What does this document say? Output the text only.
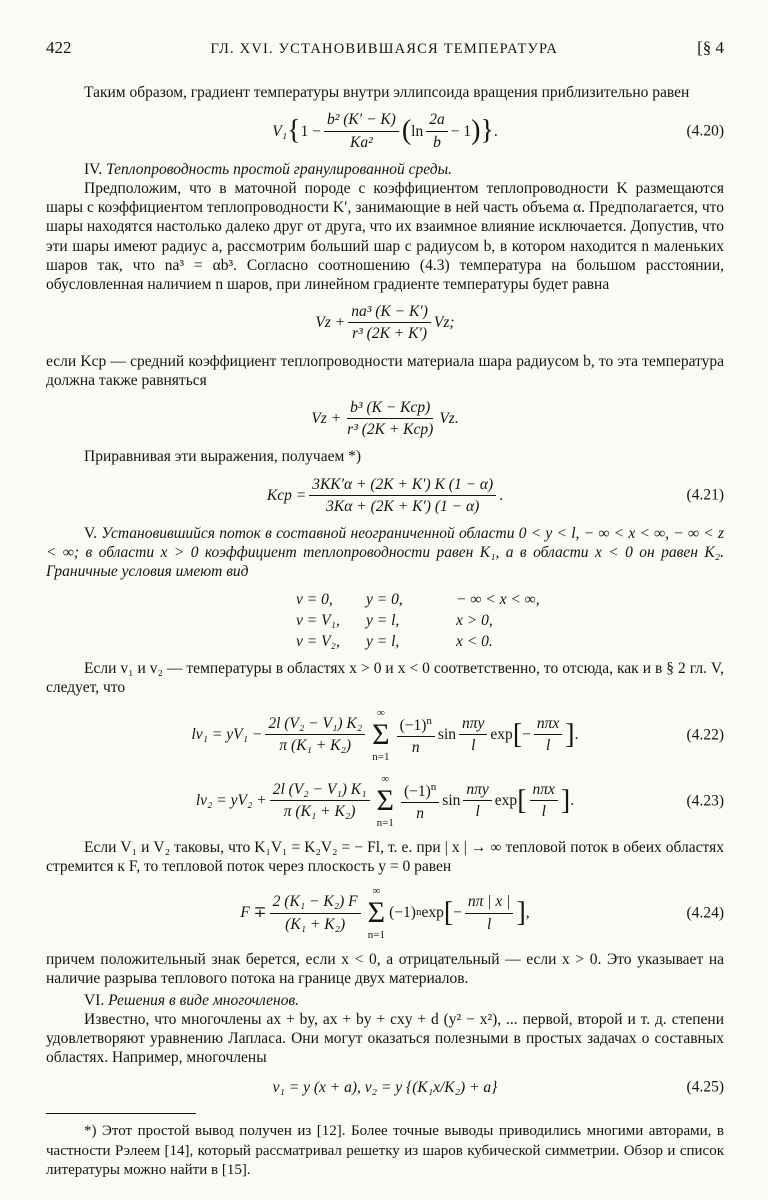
422	ГЛ. XVI. УСТАНОВИВШАЯСЯ ТЕМПЕРАТУРА	[§ 4

Таким образом, градиент температуры внутри эллипсоида вращения приблизительно равен

V₁ { $1 - \frac{\text{b² (K′ − K)}}{\text{Ka²}}$ ( $\ln \frac{2a}{b} - 1$ )} .	(4.20)

IV. Теплопроводность простой гранулированной среды.

Предположим, что в маточной породе с коэффициентом теплопроводности K размещаются шары с коэффициентом теплопроводности K′, занимающие в ней часть объема α. Предполагается, что шары находятся настолько далеко друг от друга, что их взаимное влияние исключается. Допустив, что эти шары имеют радиус a, рассмотрим больший шар с радиусом b, в котором находится n маленьких шаров так, что na³ = αb³. Согласно соотношению (4.3) температура на большом расстоянии, обусловленная наличием n шаров, при линейном градиенте температуры будет равна

$Vz + \frac{\text{na³ (K − K′)}}{\text{r³ (2K + K′)}} Vz$;

если Kср — средний коэффициент теплопроводности материала шара радиусом b, то эта температура должна также равняться

$Vz + \frac{\text{b³ (K − Kср)}}{\text{r³ (2K + Kср)}} Vz$.

Приравнивая эти выражения, получаем *)

Kср = $\frac{3KK'\alpha + (2K + K') K (1 - \alpha)}{3K\alpha + (2K + K') (1 - \alpha)}$ .	(4.21)

V. Установившийся поток в составной неограниченной области 0 < y < l, − ∞ < x < ∞, − ∞ < z < ∞; в области x > 0 коэффициент теплопроводности равен K₁, а в области x < 0 он равен K₂. Граничные условия имеют вид

v = 0,	y = 0,	− ∞ < x < ∞,
v = V₁,	y = l,	x > 0,
v = V₂,	y = l,	x < 0.

Если v₁ и v₂ — температуры в областях x > 0 и x < 0 соответственно, то отсюда, как и в § 2 гл. V, следует, что

$lv_1 = yV_1 - \frac{\text{2l (V₂ − V₁) K₂}}{\text{π (K₁ + K₂)}}$
∞
Σ
$n=1 \frac{(-1)^n}{n}$ $\sin \frac{\text{nπy}}{l}$ exp [ − $\frac{\text{nπx}}{l}$ ] .	(4.22)
$lv_2 = yV_2 + \frac{\text{2l (V₂ − V₁) K₁}}{\text{π (K₁ + K₂)}}$
∞
Σ
$n=1 \frac{(-1)^n}{n}$ $\sin \frac{\text{nπy}}{l}$ exp [ $\frac{\text{nπx}}{l}$ ] .	(4.23)

Если V₁ и V₂ таковы, что K₁V₁ = K₂V₂ = − Fl, т. е. при | x | → ∞ тепловой поток в обеих областях стремится к F, то тепловой поток через плоскость y = 0 равен

$F \mp \frac{\text{2 (K₁ − K₂) F}}{\text{(K₁ + K₂)}}$
∞
Σ
n=1
(−1) n exp [ − $\frac{n\pi | x |}{l}$ ] ,	(4.24)

причем положительный знак берется, если x < 0, а отрицательный — если x > 0. Это указывает на наличие разрыва теплового потока на границе двух материалов.

VI. Решения в виде многочленов.

Известно, что многочлены ax + by, ax + by + cxy + d (y² − x²), ... первой, второй и т. д. степени удовлетворяют уравнению Лапласа. Они могут оказаться полезными в простых задачах о составных областях. Например, многочлены

v₁ = y (x + a), v₂ = y {(K₁x/K₂) + a}	(4.25)

*) Этот простой вывод получен из [12]. Более точные выводы приводились многими авторами, в частности Рэлеем [14], который рассматривал решетку из шаров кубической симметрии. Обзор и список литературы можно найти в [15].
